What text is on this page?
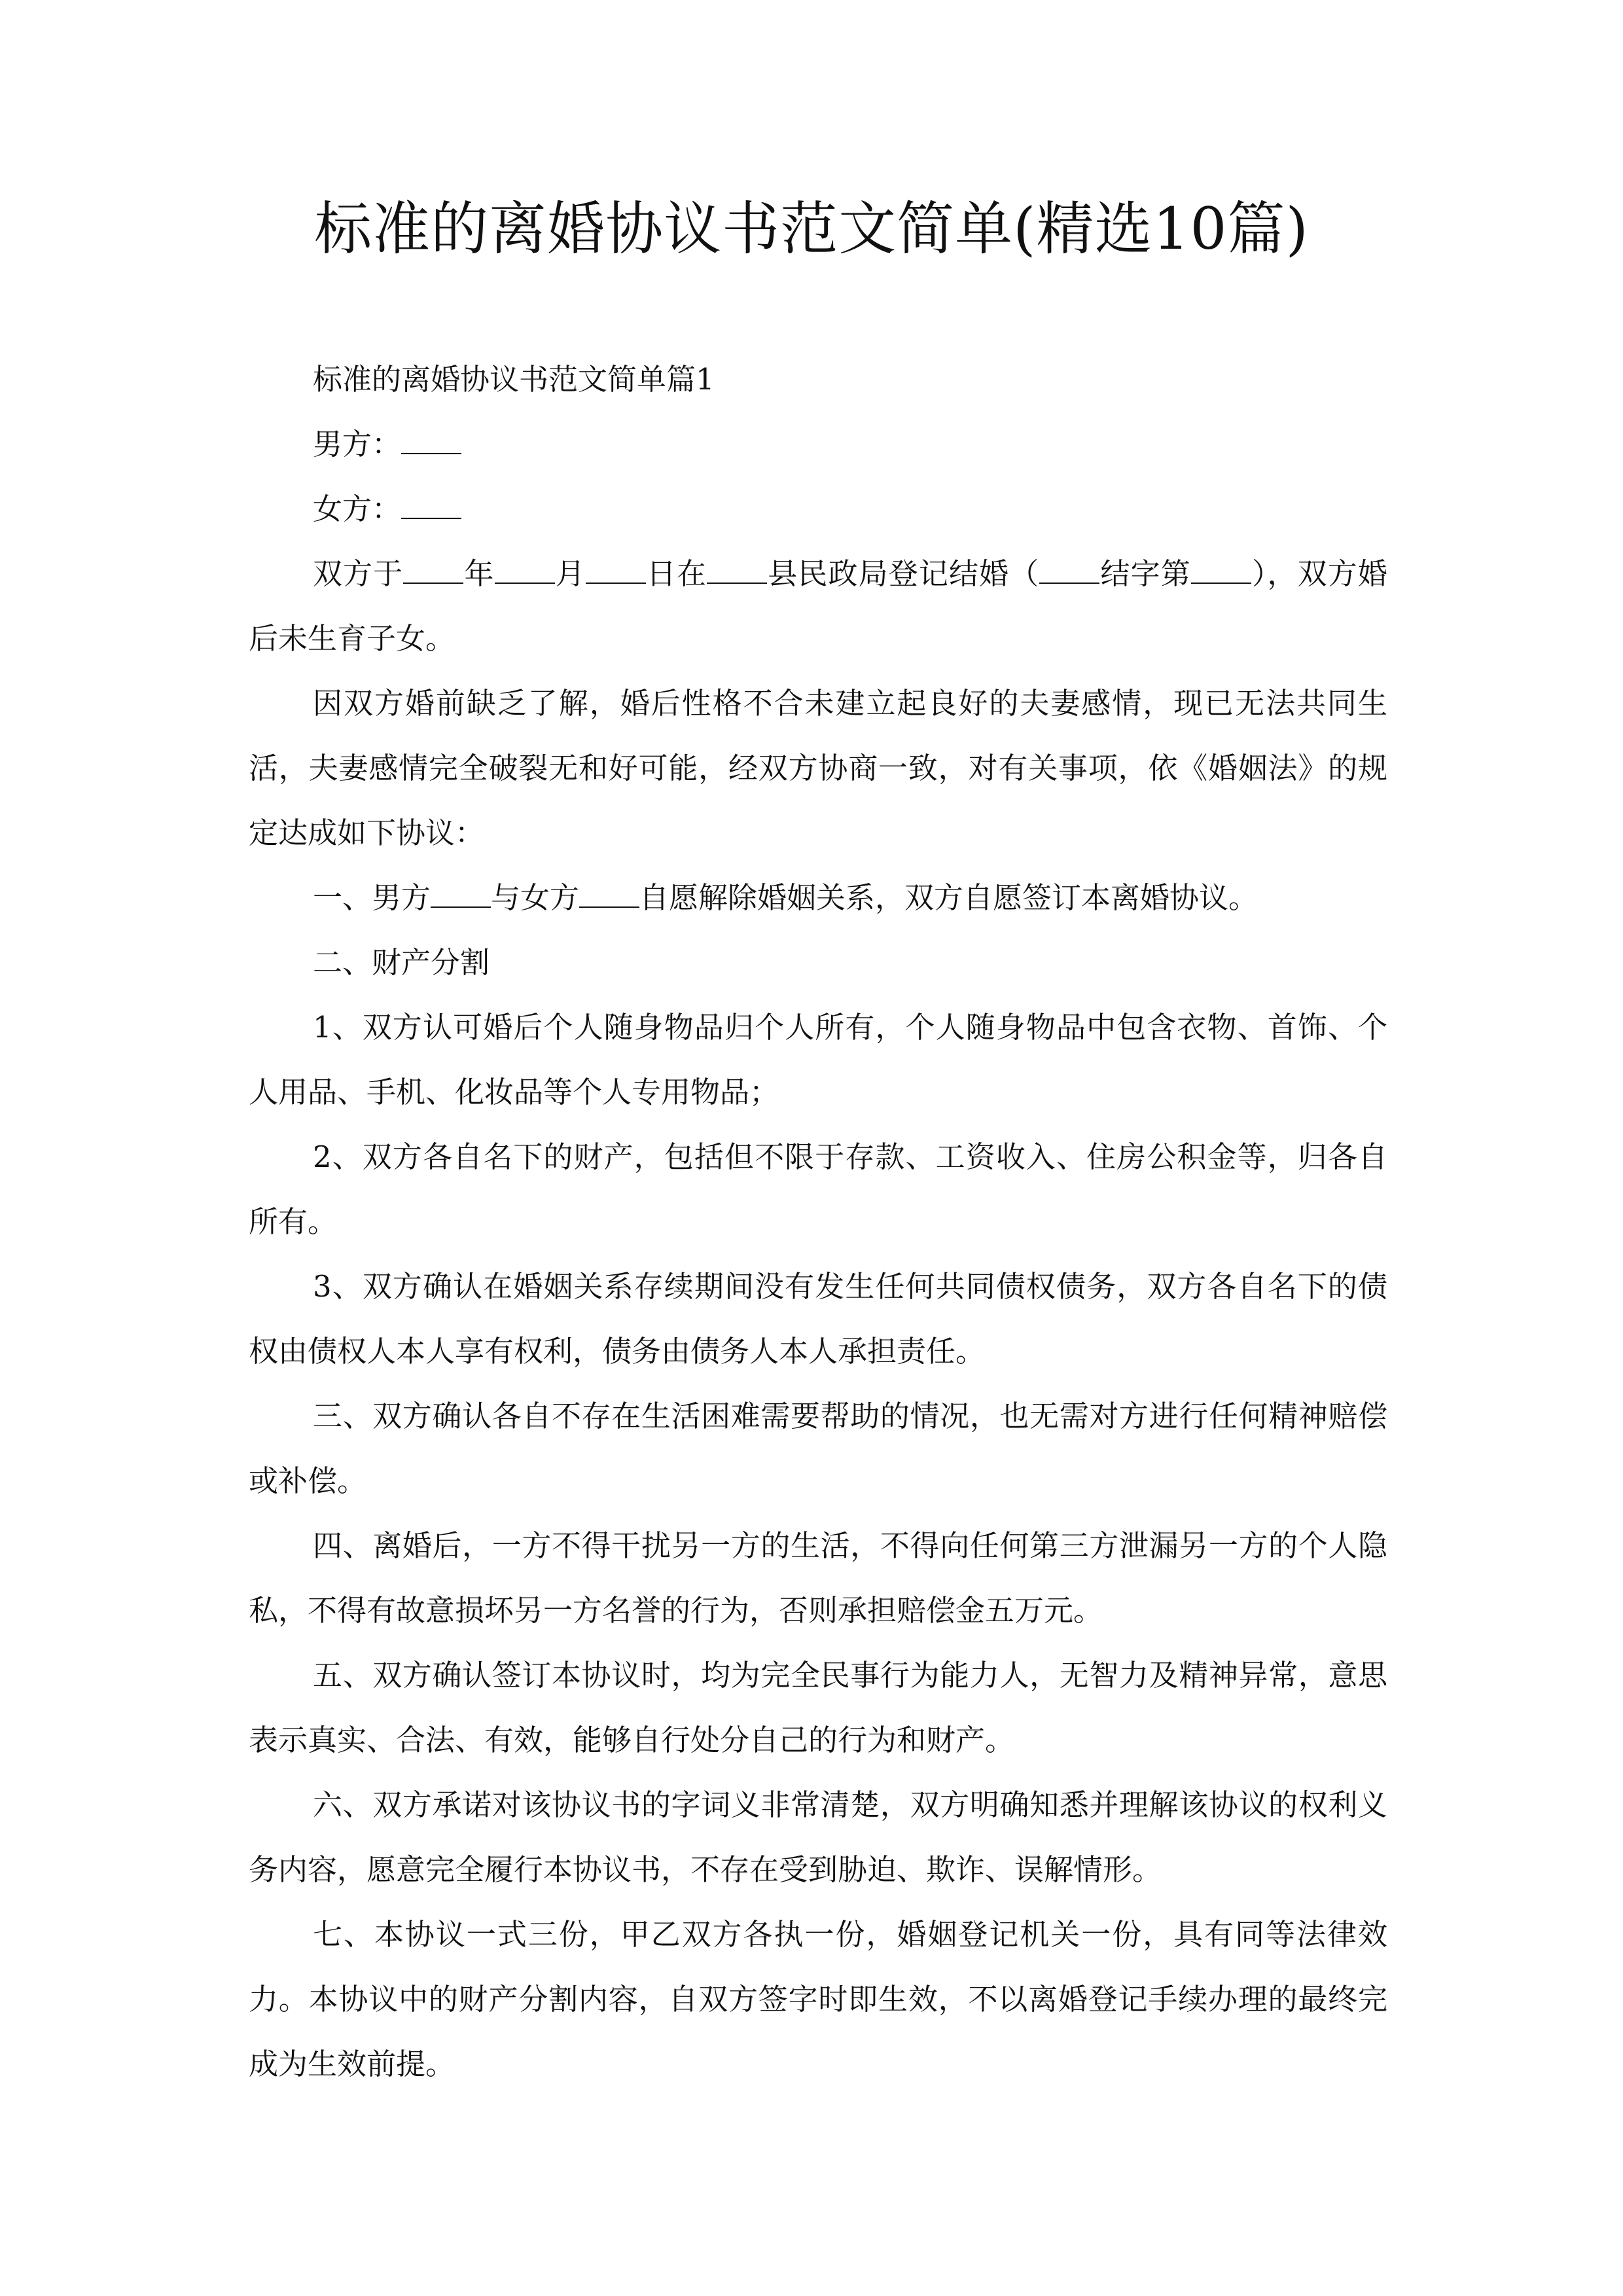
标准的离婚协议书范文简单(精选10篇)

标准的离婚协议书范文简单篇1

男方：

女方：

双方于 年 月 日在 县民政局登记结婚（ 结字第 ），双方婚后未生育子女。

因双方婚前缺乏了解，婚后性格不合未建立起良好的夫妻感情，现已无法共同生活，夫妻感情完全破裂无和好可能，经双方协商一致，对有关事项，依《婚姻法》的规定达成如下协议：

一、男方 与女方 自愿解除婚姻关系，双方自愿签订本离婚协议。

二、财产分割

1、双方认可婚后个人随身物品归个人所有，个人随身物品中包含衣物、首饰、个人用品、手机、化妆品等个人专用物品；

2、双方各自名下的财产，包括但不限于存款、工资收入、住房公积金等，归各自所有。

3、双方确认在婚姻关系存续期间没有发生任何共同债权债务，双方各自名下的债权由债权人本人享有权利，债务由债务人本人承担责任。

三、双方确认各自不存在生活困难需要帮助的情况，也无需对方进行任何精神赔偿或补偿。

四、离婚后，一方不得干扰另一方的生活，不得向任何第三方泄漏另一方的个人隐私，不得有故意损坏另一方名誉的行为，否则承担赔偿金五万元。

五、双方确认签订本协议时，均为完全民事行为能力人，无智力及精神异常，意思表示真实、合法、有效，能够自行处分自己的行为和财产。

六、双方承诺对该协议书的字词义非常清楚，双方明确知悉并理解该协议的权利义务内容，愿意完全履行本协议书，不存在受到胁迫、欺诈、误解情形。

七、本协议一式三份，甲乙双方各执一份，婚姻登记机关一份，具有同等法律效力。本协议中的财产分割内容，自双方签字时即生效，不以离婚登记手续办理的最终完成为生效前提。
